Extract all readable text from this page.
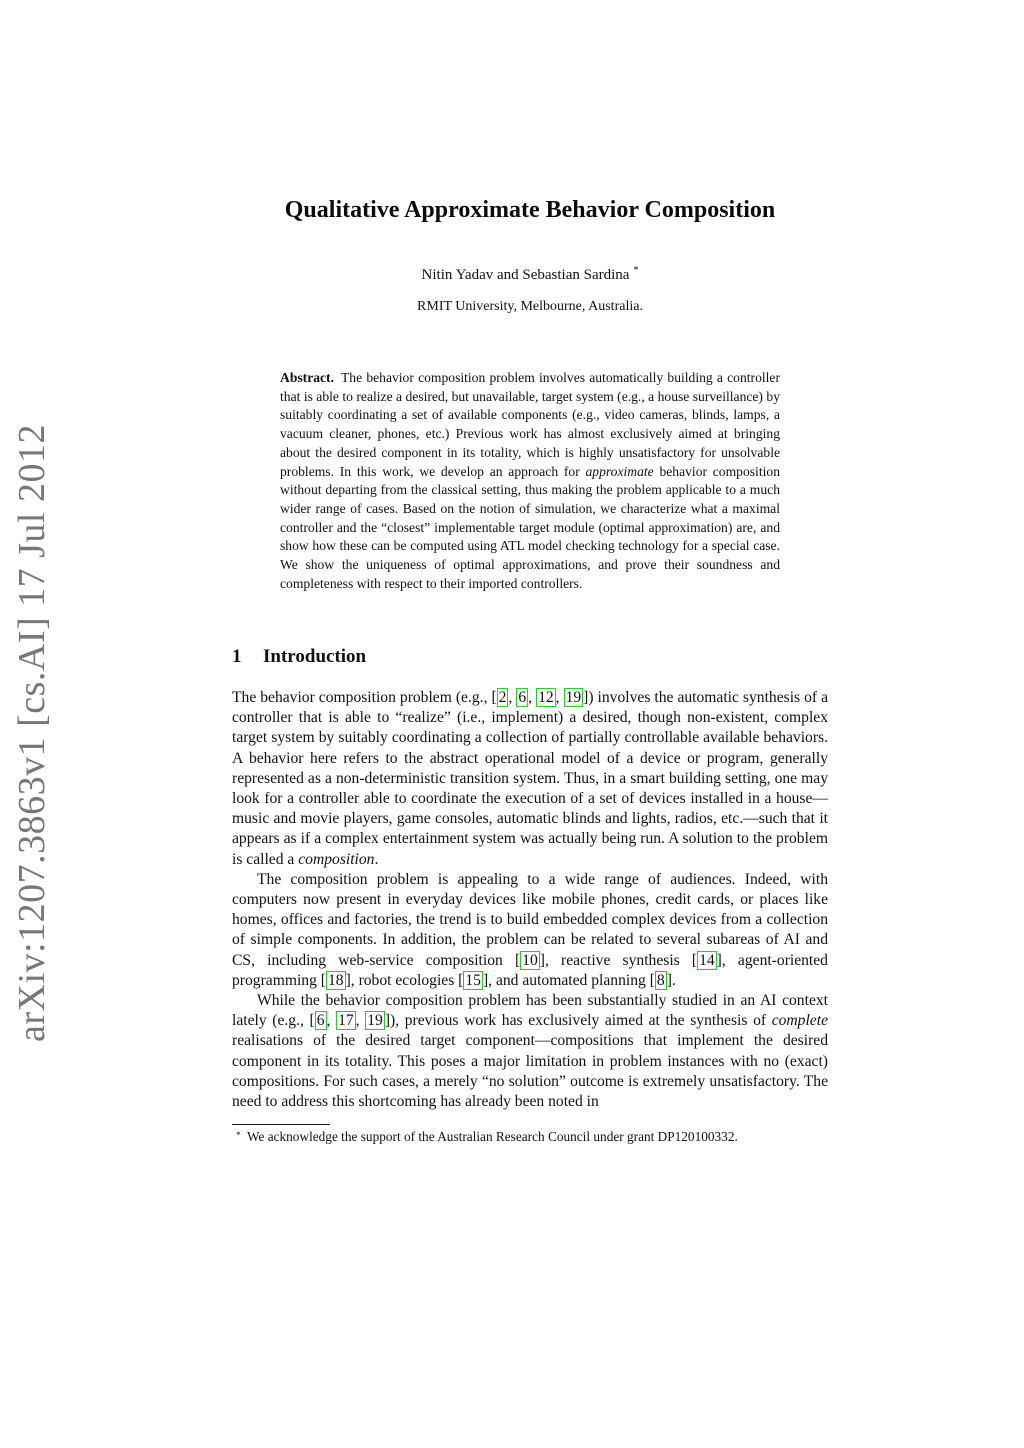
arXiv:1207.3863v1 [cs.AI] 17 Jul 2012
Qualitative Approximate Behavior Composition
Nitin Yadav and Sebastian Sardina *
RMIT University, Melbourne, Australia.
Abstract. The behavior composition problem involves automatically building a controller that is able to realize a desired, but unavailable, target system (e.g., a house surveillance) by suitably coordinating a set of available components (e.g., video cameras, blinds, lamps, a vacuum cleaner, phones, etc.) Previous work has almost exclusively aimed at bringing about the desired component in its totality, which is highly unsatisfactory for unsolvable problems. In this work, we develop an approach for approximate behavior composition without departing from the classical setting, thus making the problem applicable to a much wider range of cases. Based on the notion of simulation, we characterize what a maximal controller and the “closest” implementable target module (optimal approximation) are, and show how these can be computed using ATL model checking technology for a special case. We show the uniqueness of optimal approximations, and prove their soundness and completeness with respect to their imported controllers.
1 Introduction

The behavior composition problem (e.g., [ 2 , 6 , 12 , 19 ]) involves the automatic synthesis of a controller that is able to “realize” (i.e., implement) a desired, though non-existent, complex target system by suitably coordinating a collection of partially controllable available behaviors. A behavior here refers to the abstract operational model of a device or program, generally represented as a non-deterministic transition system. Thus, in a smart building setting, one may look for a controller able to coordinate the execution of a set of devices installed in a house—music and movie players, game consoles, automatic blinds and lights, radios, etc.—such that it appears as if a complex entertainment system was actually being run. A solution to the problem is called a composition.

The composition problem is appealing to a wide range of audiences. Indeed, with computers now present in everyday devices like mobile phones, credit cards, or places like homes, offices and factories, the trend is to build embedded complex devices from a collection of simple components. In addition, the problem can be related to several subareas of AI and CS, including web-service composition [ 10 ], reactive synthesis [ 14 ], agent-oriented programming [ 18 ], robot ecologies [ 15 ], and automated planning [ 8 ].

While the behavior composition problem has been substantially studied in an AI context lately (e.g., [ 6 , 17 , 19 ]), previous work has exclusively aimed at the synthesis of complete realisations of the desired target component—compositions that implement the desired component in its totality. This poses a major limitation in problem instances with no (exact) compositions. For such cases, a merely “no solution” outcome is extremely unsatisfactory. The need to address this shortcoming has already been noted in

* We acknowledge the support of the Australian Research Council under grant DP120100332.
